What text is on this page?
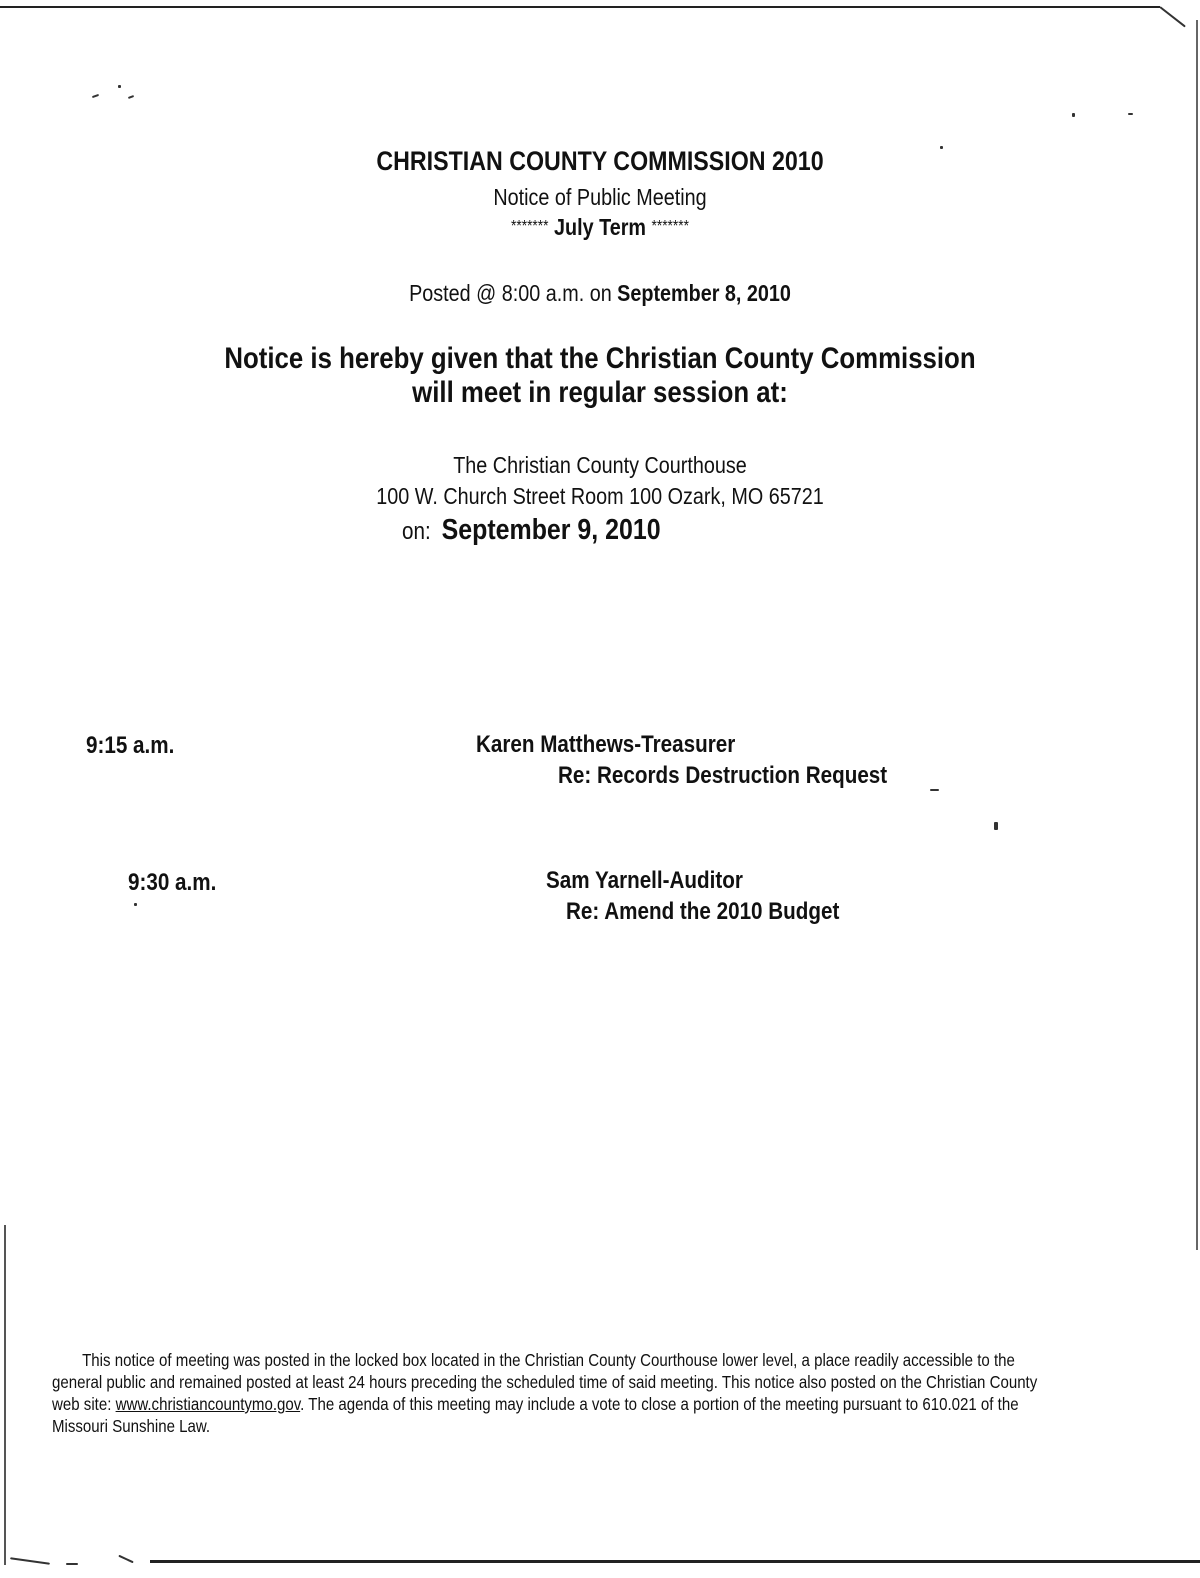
CHRISTIAN COUNTY COMMISSION 2010
Notice of Public Meeting
******* July Term *******
Posted @ 8:00 a.m. on September 8, 2010
Notice is hereby given that the Christian County Commission
will meet in regular session at:
The Christian County Courthouse
100 W. Church Street Room 100 Ozark, MO 65721
on: September 9, 2010
9:15 a.m.	Karen Matthews-Treasurer
Re: Records Destruction Request
9:30 a.m.	Sam Yarnell-Auditor
Re: Amend the 2010 Budget

This notice of meeting was posted in the locked box located in the Christian County Courthouse lower level, a place readily accessible to the general public and remained posted at least 24 hours preceding the scheduled time of said meeting. This notice also posted on the Christian County web site: www.christiancountymo.gov. The agenda of this meeting may include a vote to close a portion of the meeting pursuant to 610.021 of the Missouri Sunshine Law.
